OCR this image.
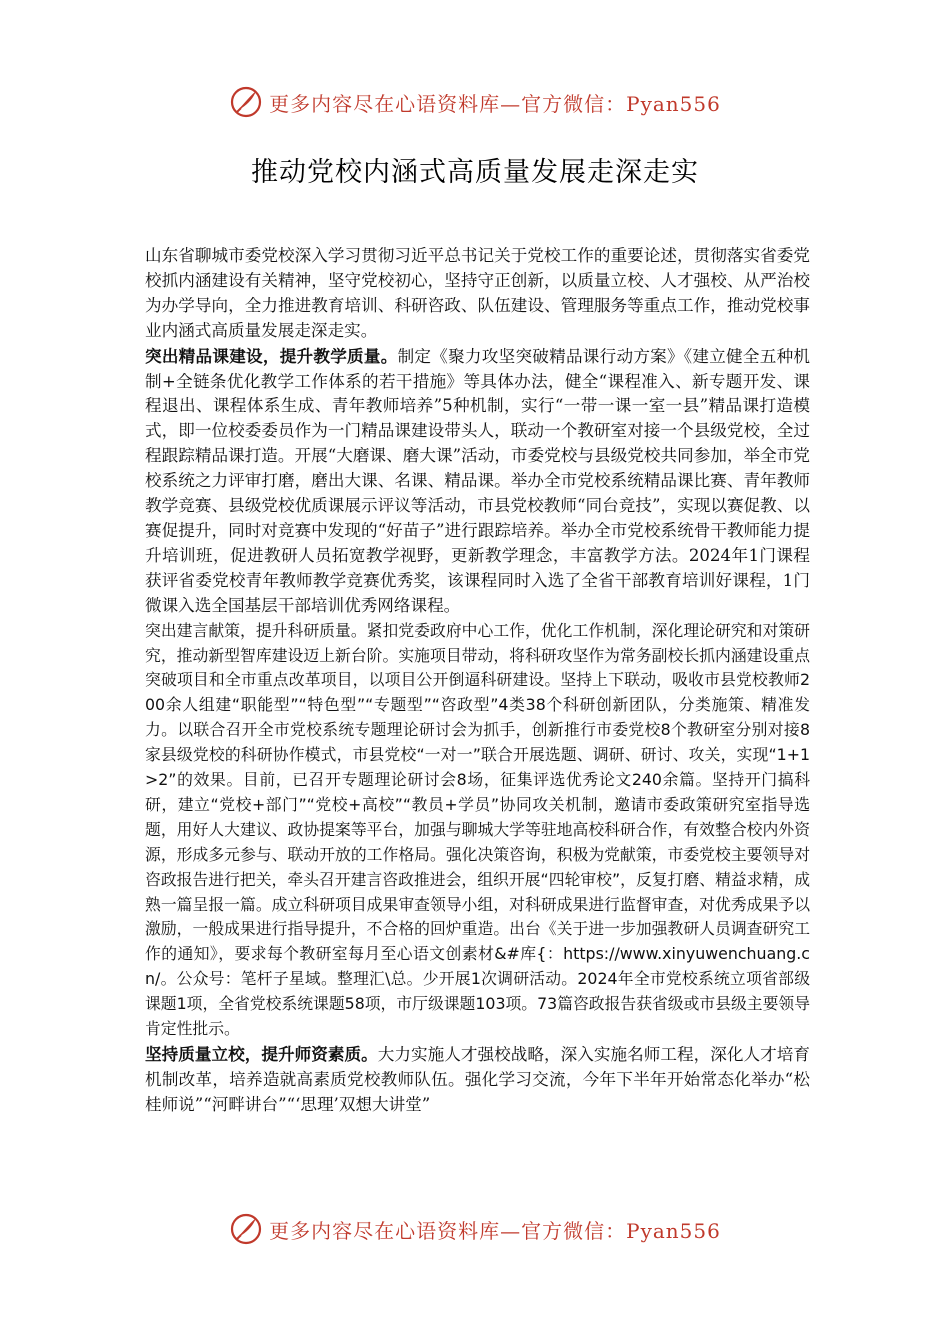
更多内容尽在心语资料库—官方微信：Pyan556
推动党校内涵式高质量发展走深走实

山东省聊城市委党校深入学习贯彻习近平总书记关于党校工作的重要论述，贯彻落实省委党校抓内涵建设有关精神，坚守党校初心，坚持守正创新，以质量立校、人才强校、从严治校为办学导向，全力推进教育培训、科研咨政、队伍建设、管理服务等重点工作，推动党校事业内涵式高质量发展走深走实。

突出精品课建设，提升教学质量。制定《聚力攻坚突破精品课行动方案》《建立健全五种机制+全链条优化教学工作体系的若干措施》等具体办法，健全“课程准入、新专题开发、课程退出、课程体系生成、青年教师培养”5种机制，实行“一带一课一室一县”精品课打造模式，即一位校委委员作为一门精品课建设带头人，联动一个教研室对接一个县级党校，全过程跟踪精品课打造。开展“大磨课、磨大课”活动，市委党校与县级党校共同参加，举全市党校系统之力评审打磨，磨出大课、名课、精品课。举办全市党校系统精品课比赛、青年教师教学竞赛、县级党校优质课展示评议等活动，市县党校教师“同台竞技”，实现以赛促教、以赛促提升，同时对竞赛中发现的“好苗子”进行跟踪培养。举办全市党校系统骨干教师能力提升培训班，促进教研人员拓宽教学视野，更新教学理念，丰富教学方法。2024年1门课程获评省委党校青年教师教学竞赛优秀奖，该课程同时入选了全省干部教育培训好课程，1门微课入选全国基层干部培训优秀网络课程。

突出建言献策，提升科研质量。紧扣党委政府中心工作，优化工作机制，深化理论研究和对策研究，推动新型智库建设迈上新台阶。实施项目带动，将科研攻坚作为常务副校长抓内涵建设重点突破项目和全市重点改革项目，以项目公开倒逼科研建设。坚持上下联动，吸收市县党校教师200余人组建“职能型”“特色型”“专题型”“咨政型”4类38个科研创新团队，分类施策、精准发力。以联合召开全市党校系统专题理论研讨会为抓手，创新推行市委党校8个教研室分别对接8家县级党校的科研协作模式，市县党校“一对一”联合开展选题、调研、研讨、攻关，实现“1+1>2”的效果。目前，已召开专题理论研讨会8场，征集评选优秀论文240余篇。坚持开门搞科研，建立“党校+部门”“党校+高校”“教员+学员”协同攻关机制，邀请市委政策研究室指导选题，用好人大建议、政协提案等平台，加强与聊城大学等驻地高校科研合作，有效整合校内外资源，形成多元参与、联动开放的工作格局。强化决策咨询，积极为党献策，市委党校主要领导对咨政报告进行把关，牵头召开建言咨政推进会，组织开展“四轮审校”，反复打磨、精益求精，成熟一篇呈报一篇。成立科研项目成果审查领导小组，对科研成果进行监督审查，对优秀成果予以激励，一般成果进行指导提升，不合格的回炉重造。出台《关于进一步加强教研人员调查研究工作的通知》，要求每个教研室每月至心语文创素材&#库{：https://www.xinyuwenchuang.cn/。公众号：笔杆子星域。整理汇\总。少开展1次调研活动。2024年全市党校系统立项省部级课题1项，全省党校系统课题58项，市厅级课题103项。73篇咨政报告获省级或市县级主要领导肯定性批示。

坚持质量立校，提升师资素质。大力实施人才强校战略，深入实施名师工程，深化人才培育机制改革，培养造就高素质党校教师队伍。强化学习交流，今年下半年开始常态化举办“松桂师说”“河畔讲台”“‘思理’双想大讲堂”

更多内容尽在心语资料库—官方微信：Pyan556
